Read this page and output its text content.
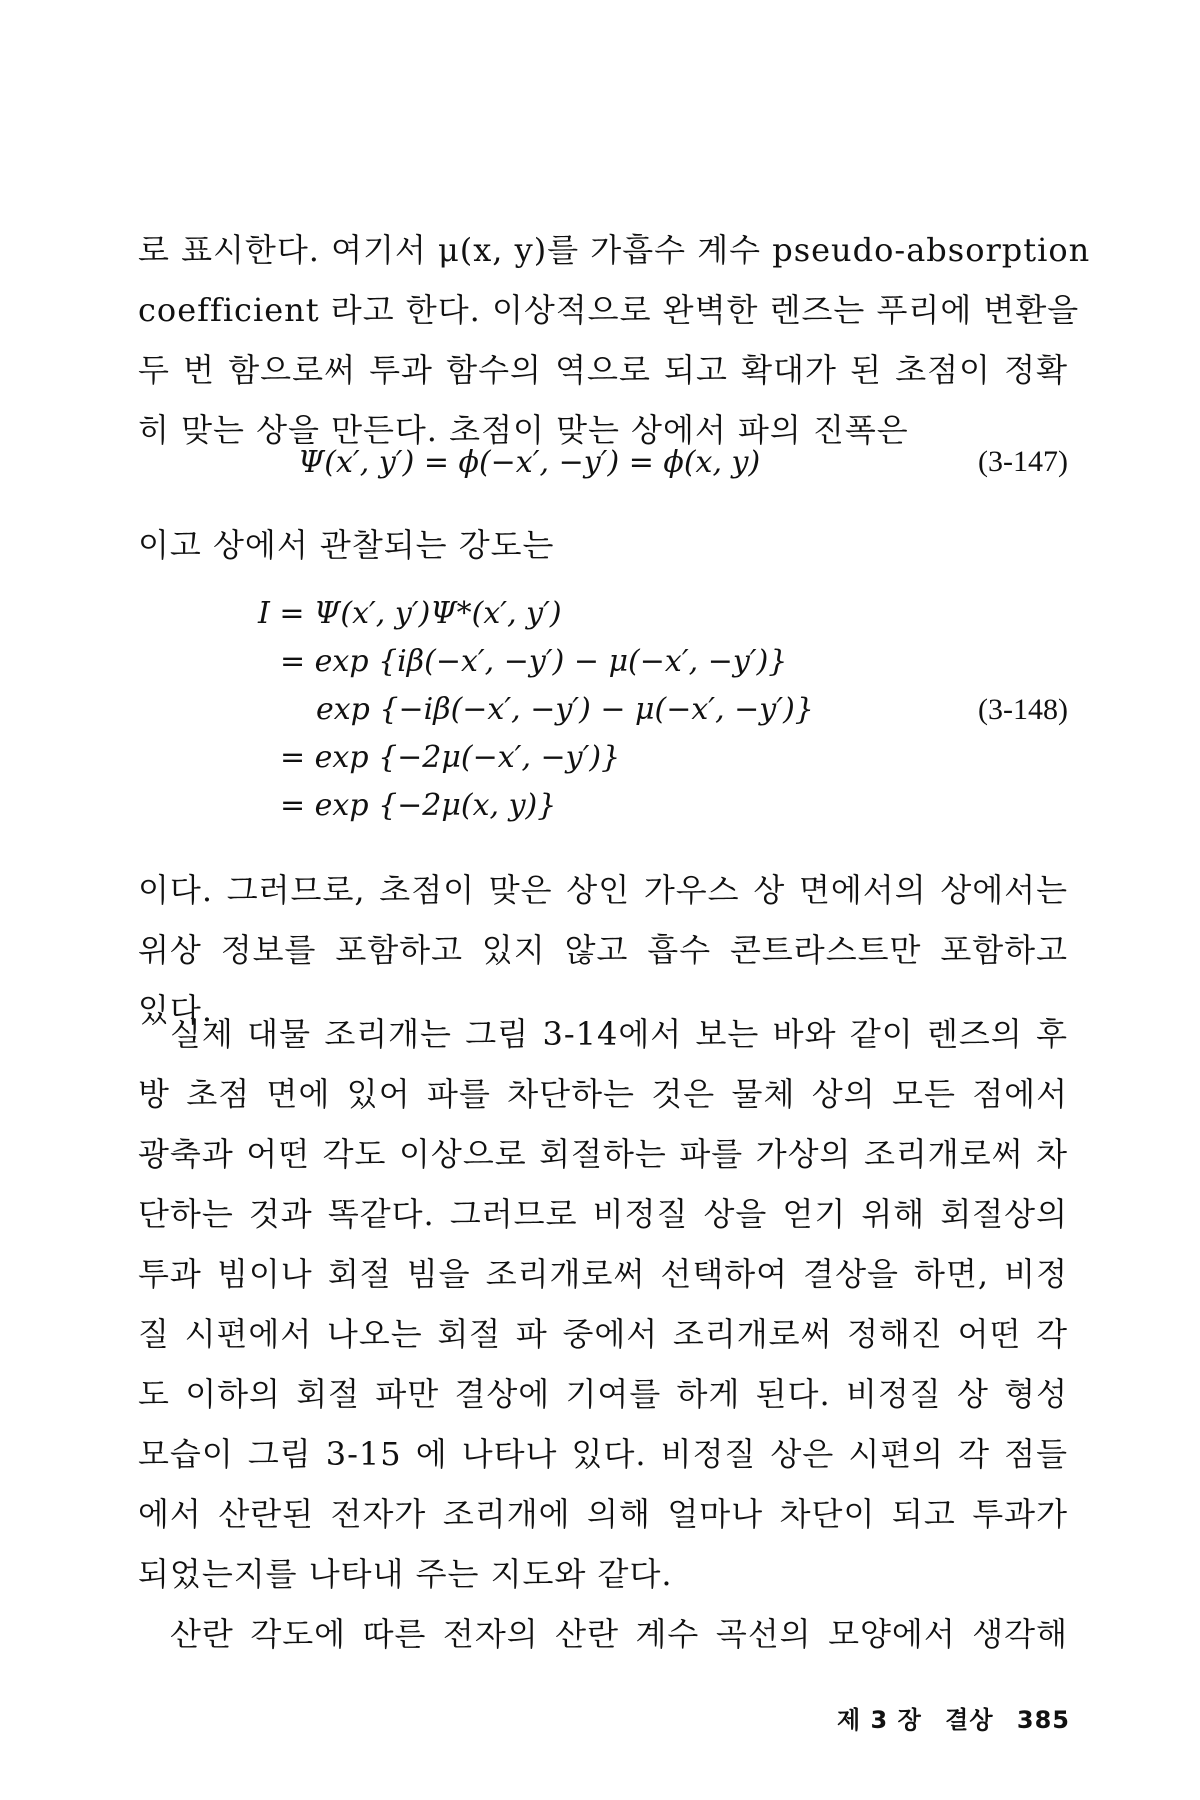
로 표시한다. 여기서 μ(x, y)를 가흡수 계수 pseudo-absorption
coefficient 라고 한다. 이상적으로 완벽한 렌즈는 푸리에 변환을
두 번 함으로써 투과 함수의 역으로 되고 확대가 된 초점이 정확
히 맞는 상을 만든다. 초점이 맞는 상에서 파의 진폭은
Ψ(x′, y′) = ϕ(−x′, −y′) = ϕ(x, y)	(3-147)
이고 상에서 관찰되는 강도는
I = Ψ(x′, y′)Ψ*(x′, y′)
= exp {iβ(−x′, −y′) − μ(−x′, −y′)}
exp {−iβ(−x′, −y′) − μ(−x′, −y′)}
= exp {−2μ(−x′, −y′)}
= exp {−2μ(x, y)}
(3-148)
이다. 그러므로, 초점이 맞은 상인 가우스 상 면에서의 상에서는
위상 정보를 포함하고 있지 않고 흡수 콘트라스트만 포함하고
있다.
실제 대물 조리개는 그림 3-14에서 보는 바와 같이 렌즈의 후
방 초점 면에 있어 파를 차단하는 것은 물체 상의 모든 점에서
광축과 어떤 각도 이상으로 회절하는 파를 가상의 조리개로써 차
단하는 것과 똑같다. 그러므로 비정질 상을 얻기 위해 회절상의
투과 빔이나 회절 빔을 조리개로써 선택하여 결상을 하면, 비정
질 시편에서 나오는 회절 파 중에서 조리개로써 정해진 어떤 각
도 이하의 회절 파만 결상에 기여를 하게 된다. 비정질 상 형성
모습이 그림 3-15 에 나타나 있다. 비정질 상은 시편의 각 점들
에서 산란된 전자가 조리개에 의해 얼마나 차단이 되고 투과가
되었는지를 나타내 주는 지도와 같다.
산란 각도에 따른 전자의 산란 계수 곡선의 모양에서 생각해
제 3 장 결상 385
